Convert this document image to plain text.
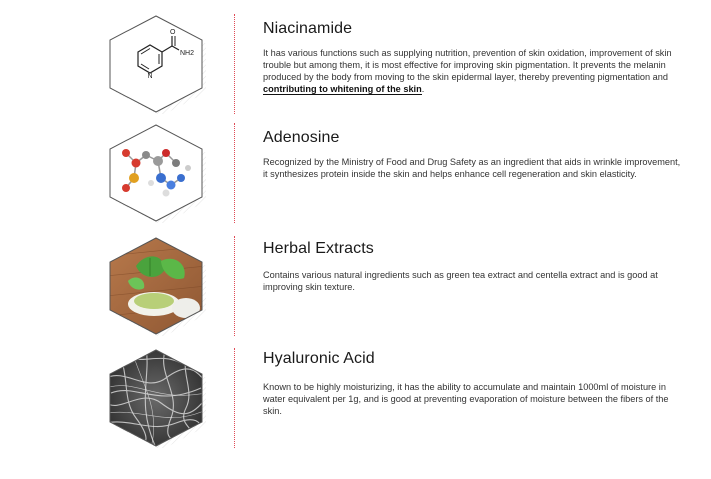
O
NH2
N
Niacinamide
It has various functions such as supplying nutrition, prevention of skin oxidation, improvement of skin trouble but among them, it is most effective for improving skin pigmentation. It prevents the melanin produced by the body from moving to the skin epidermal layer, thereby preventing pigmentation and contributing to whitening of the skin.
Adenosine
Recognized by the Ministry of Food and Drug Safety as an ingredient that aids in wrinkle improvement, it synthesizes protein inside the skin and helps enhance cell regeneration and skin elasticity.
Herbal Extracts
Contains various natural ingredients such as green tea extract and centella extract and is good at improving skin texture.
Hyaluronic Acid
Known to be highly moisturizing, it has the ability to accumulate and maintain 1000ml of moisture in water equivalent per 1g, and is good at preventing evaporation of moisture between the fibers of the skin.
